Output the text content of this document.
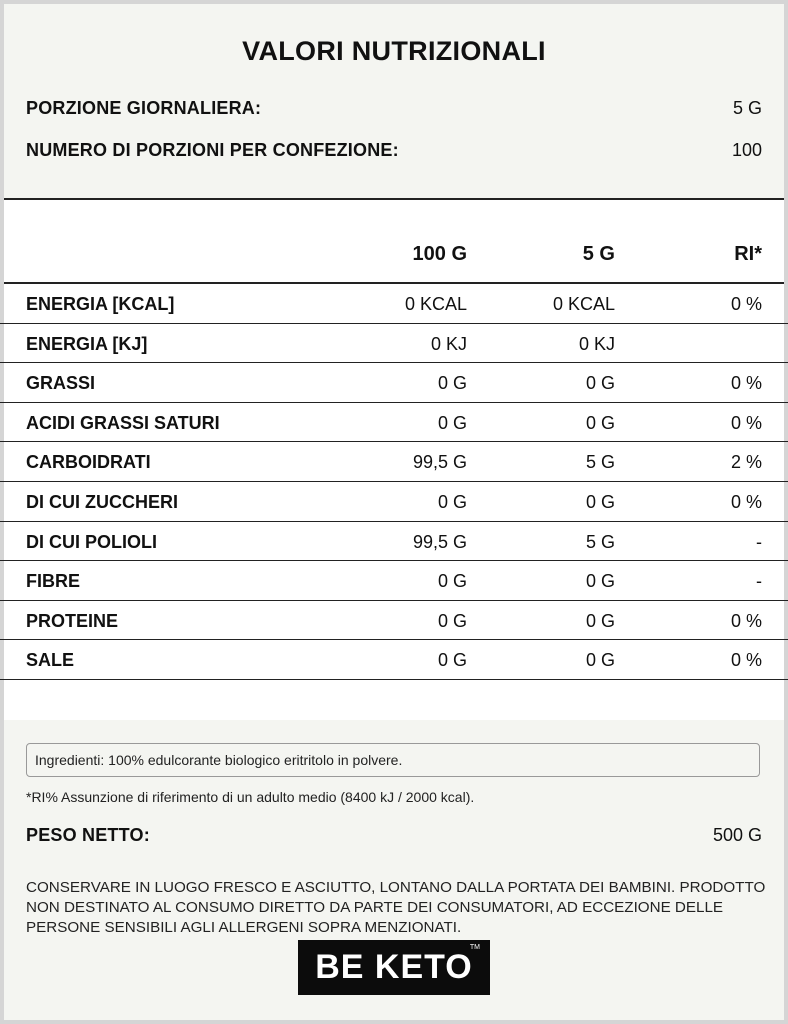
VALORI NUTRIZIONALI
PORZIONE GIORNALIERA:	5 G
NUMERO DI PORZIONI PER CONFEZIONE:	100
100 G	5 G	RI*
ENERGIA [KCAL]	0 KCAL	0 KCAL	0 %
ENERGIA [KJ]	0 KJ	0 KJ
GRASSI	0 G	0 G	0 %
ACIDI GRASSI SATURI	0 G	0 G	0 %
CARBOIDRATI	99,5 G	5 G	2 %
DI CUI ZUCCHERI	0 G	0 G	0 %
DI CUI POLIOLI	99,5 G	5 G	-
FIBRE	0 G	0 G	-
PROTEINE	0 G	0 G	0 %
SALE	0 G	0 G	0 %
Ingredienti: 100% edulcorante biologico eritritolo in polvere.
*RI% Assunzione di riferimento di un adulto medio (8400 kJ / 2000 kcal).
PESO NETTO:	500 G
CONSERVARE IN LUOGO FRESCO E ASCIUTTO, LONTANO DALLA PORTATA DEI BAMBINI. PRODOTTO NON DESTINATO AL CONSUMO DIRETTO DA PARTE DEI CONSUMATORI, AD ECCEZIONE DELLE PERSONE SENSIBILI AGLI ALLERGENI SOPRA MENZIONATI.
BE KETO
TM
